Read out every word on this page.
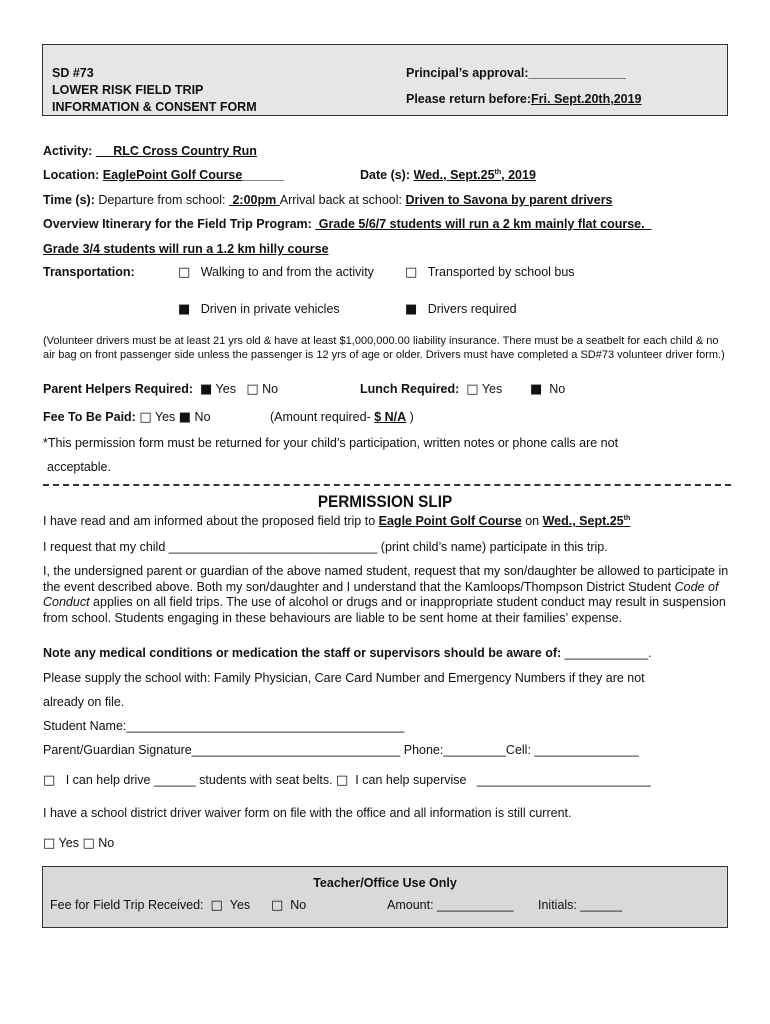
SD #73
LOWER RISK FIELD TRIP
INFORMATION & CONSENT FORM
Principal’s approval:______________
Please return before:Fri. Sept.20th,2019
Activity: RLC Cross Country Run
Location: EaglePoint Golf Course______	Date (s): Wed., Sept.25th, 2019
Time (s): Departure from school: 2:00pm Arrival back at school: Driven to Savona by parent drivers
Overview Itinerary for the Field Trip Program: Grade 5/6/7 students will run a 2 km mainly flat course.
Grade 3/4 students will run a 1.2 km hilly course
Transportation:	□ Walking to and from the activity □ Transported by school bus
■ Driven in private vehicles	■ Drivers required
(Volunteer drivers must be at least 21 yrs old & have at least $1,000,000.00 liability insurance. There must be a seatbelt for each child & no air bag on front passenger side unless the passenger is 12 yrs of age or older. Drivers must have completed a SD#73 volunteer driver form.)
Parent Helpers Required: ■ Yes □ No	Lunch Required: □ Yes ■ No
Fee To Be Paid: □ Yes ■ No	(Amount required- $ N/A )
*This permission form must be returned for your child’s participation, written notes or phone calls are not
acceptable.
PERMISSION SLIP
I have read and am informed about the proposed field trip to Eagle Point Golf Course on Wed., Sept.25th
I request that my child ______________________________ (print child’s name) participate in this trip.
I, the undersigned parent or guardian of the above named student, request that my son/daughter be allowed to participate in the event described above. Both my son/daughter and I understand that the Kamloops/Thompson District Student Code of Conduct applies on all field trips. The use of alcohol or drugs and or inappropriate student conduct may result in suspension from school. Students engaging in these behaviours are liable to be sent home at their families’ expense.
Note any medical conditions or medication the staff or supervisors should be aware of: ____________.
Please supply the school with: Family Physician, Care Card Number and Emergency Numbers if they are not
already on file.
Student Name:________________________________________
Parent/Guardian Signature______________________________ Phone:_________Cell: _______________
□ I can help drive ______ students with seat belts. □ I can help supervise _________________________
I have a school district driver waiver form on file with the office and all information is still current.
□ Yes □ No
Teacher/Office Use Only
Fee for Field Trip Received: □ Yes □ No	Amount: ___________ Initials: ______
